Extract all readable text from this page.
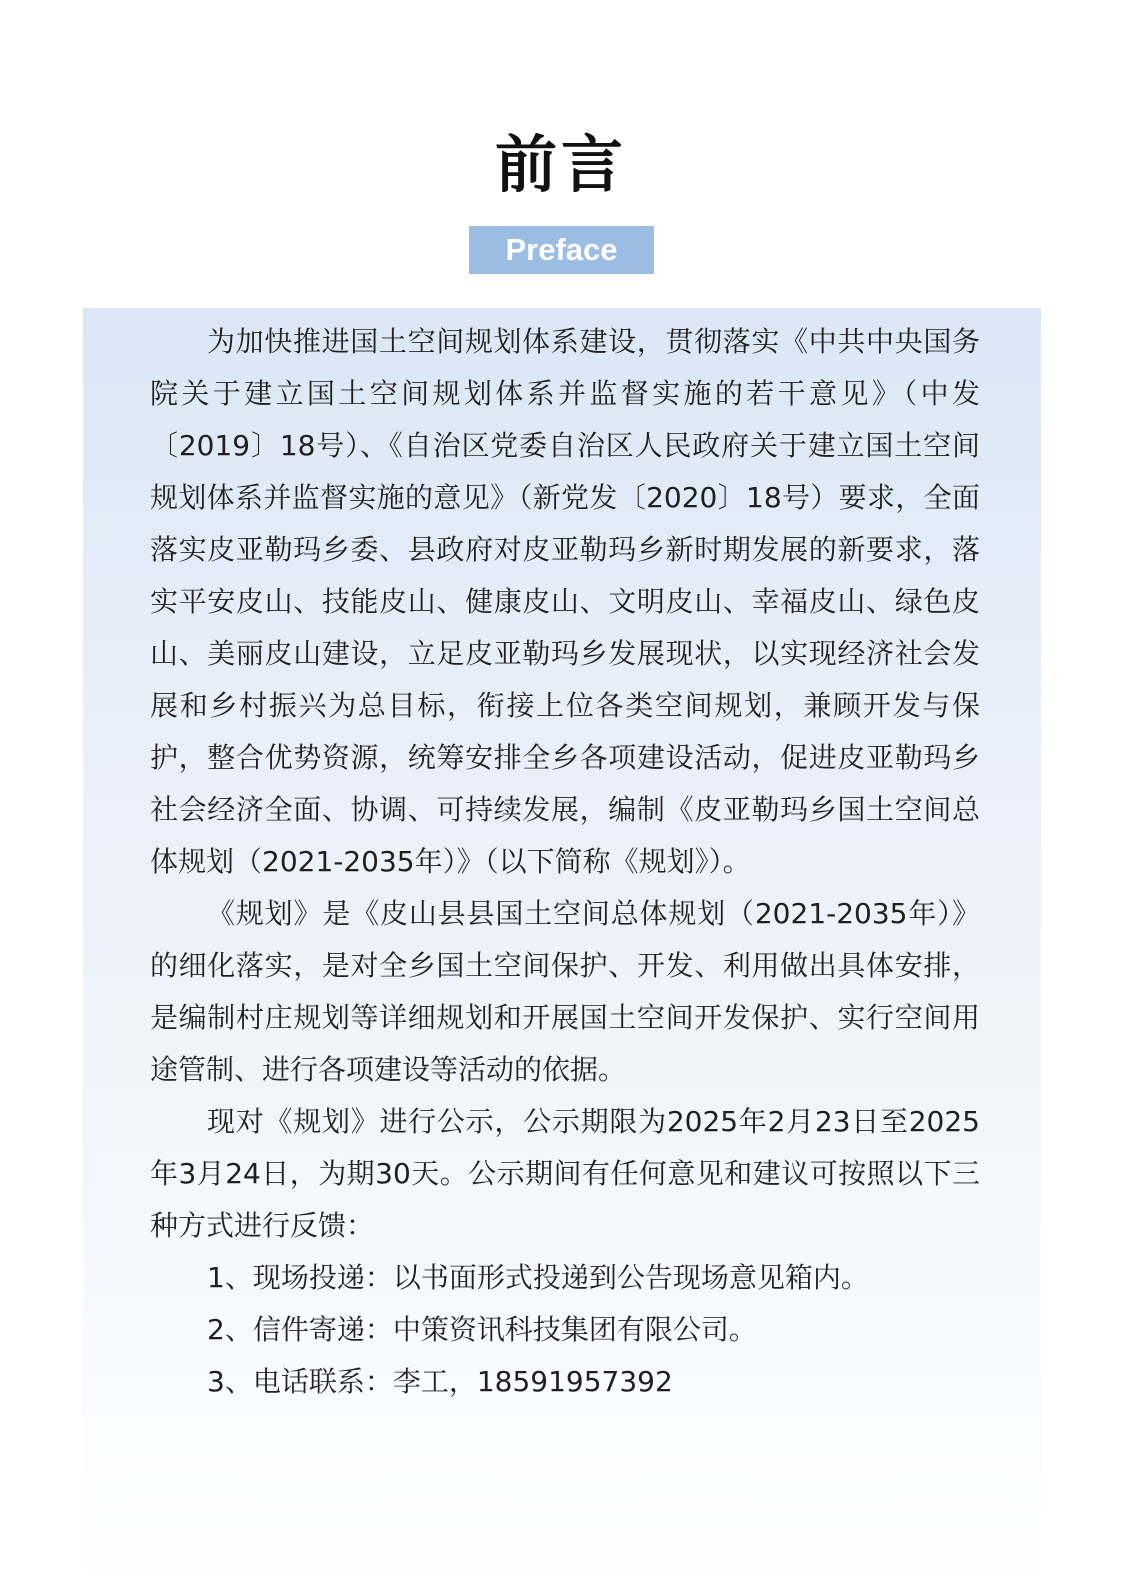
前言
Preface

为加快推进国土空间规划体系建设，贯彻落实《中共中央国务院关于建立国土空间规划体系并监督实施的若干意见》（中发〔2019〕18号）、《自治区党委自治区人民政府关于建立国土空间规划体系并监督实施的意见》（新党发〔2020〕18号）要求，全面落实皮亚勒玛乡委、县政府对皮亚勒玛乡新时期发展的新要求，落实平安皮山、技能皮山、健康皮山、文明皮山、幸福皮山、绿色皮山、美丽皮山建设，立足皮亚勒玛乡发展现状，以实现经济社会发展和乡村振兴为总目标，衔接上位各类空间规划，兼顾开发与保护，整合优势资源，统筹安排全乡各项建设活动，促进皮亚勒玛乡社会经济全面、协调、可持续发展，编制《皮亚勒玛乡国土空间总体规划（2021-2035年）》（以下简称《规划》）。

《规划》是《皮山县县国土空间总体规划（2021-2035年）》的细化落实，是对全乡国土空间保护、开发、利用做出具体安排，是编制村庄规划等详细规划和开展国土空间开发保护、实行空间用途管制、进行各项建设等活动的依据。

现对《规划》进行公示，公示期限为2025年2月23日至2025年3月24日，为期30天。公示期间有任何意见和建议可按照以下三种方式进行反馈：

1、现场投递：以书面形式投递到公告现场意见箱内。

2、信件寄递：中策资讯科技集团有限公司。

3、电话联系：李工，18591957392
